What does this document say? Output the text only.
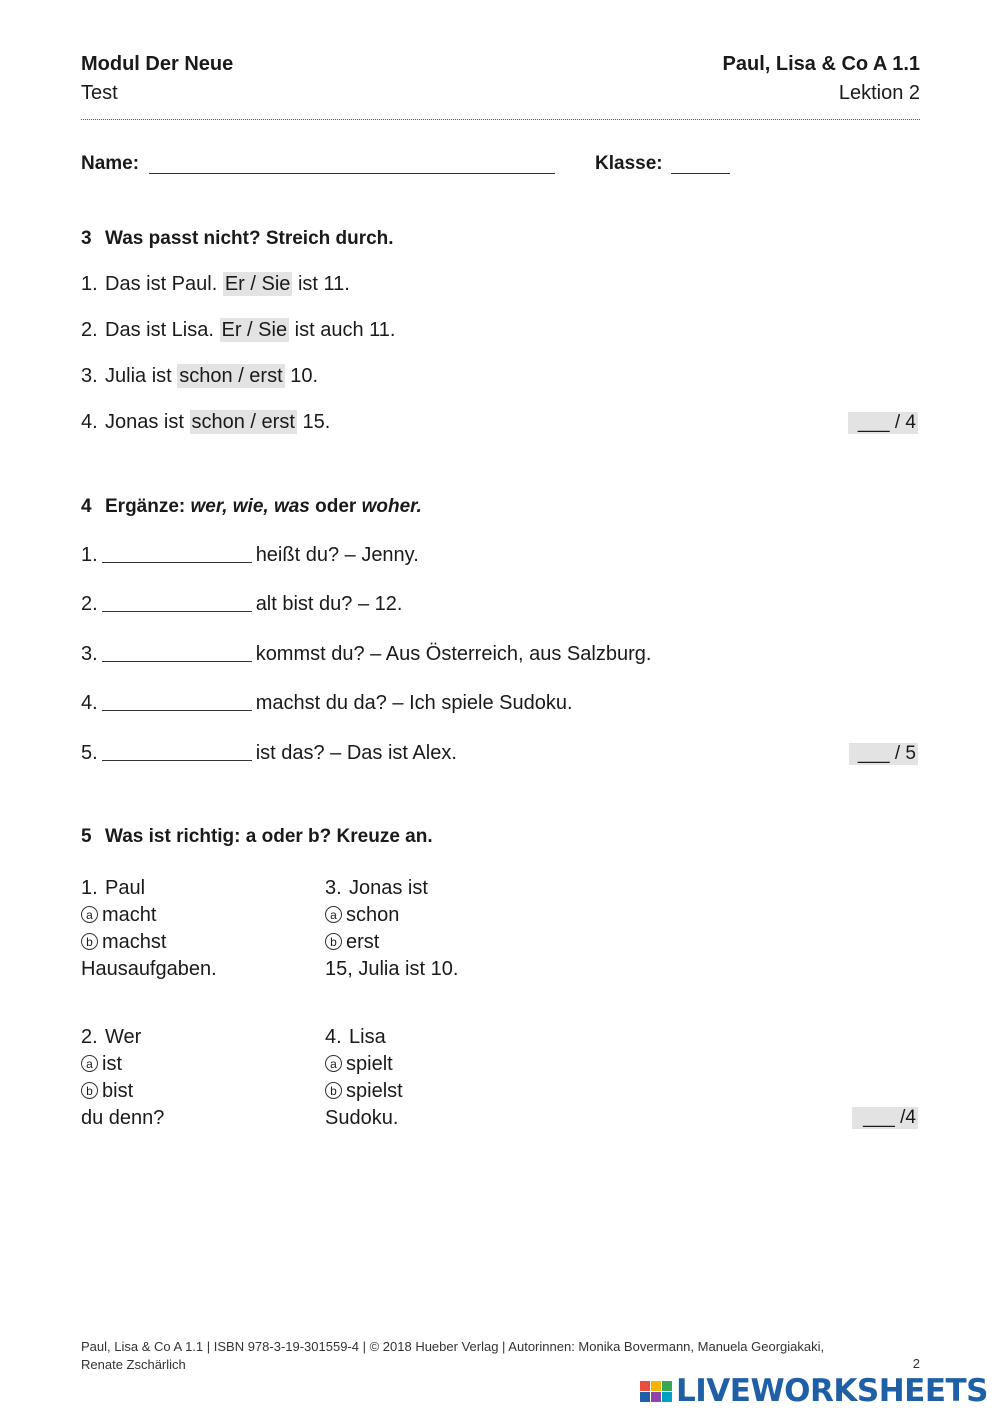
Modul Der Neue
Test
Paul, Lisa & Co A 1.1
Lektion 2
Name:	Klasse:
3 Was passt nicht? Streich durch.
1. Das ist Paul. Er / Sie ist 11.
2. Das ist Lisa. Er / Sie ist auch 11.
3. Julia ist schon / erst 10.
4. Jonas ist schon / erst 15.	___ / 4
4 Ergänze: wer, wie, was oder woher.
1.	heißt du? – Jenny.
2.	alt bist du? – 12.
3.	kommst du? – Aus Österreich, aus Salzburg.
4.	machst du da? – Ich spiele Sudoku.
5.	ist das? – Das ist Alex.	___ / 5
5 Was ist richtig: a oder b? Kreuze an.
1. Paul
a macht
b machst
Hausaufgaben.
3. Jonas ist
a schon
b erst
15, Julia ist 10.
2. Wer
a ist
b bist
du denn?
4. Lisa
a spielt
b spielst
Sudoku.	___ /4
Paul, Lisa & Co A 1.1 | ISBN 978-3-19-301559-4 | © 2018 Hueber Verlag | Autorinnen: Monika Bovermann, Manuela Georgiakaki,
Renate Zschärlich	2
LIVEWORKSHEETS
